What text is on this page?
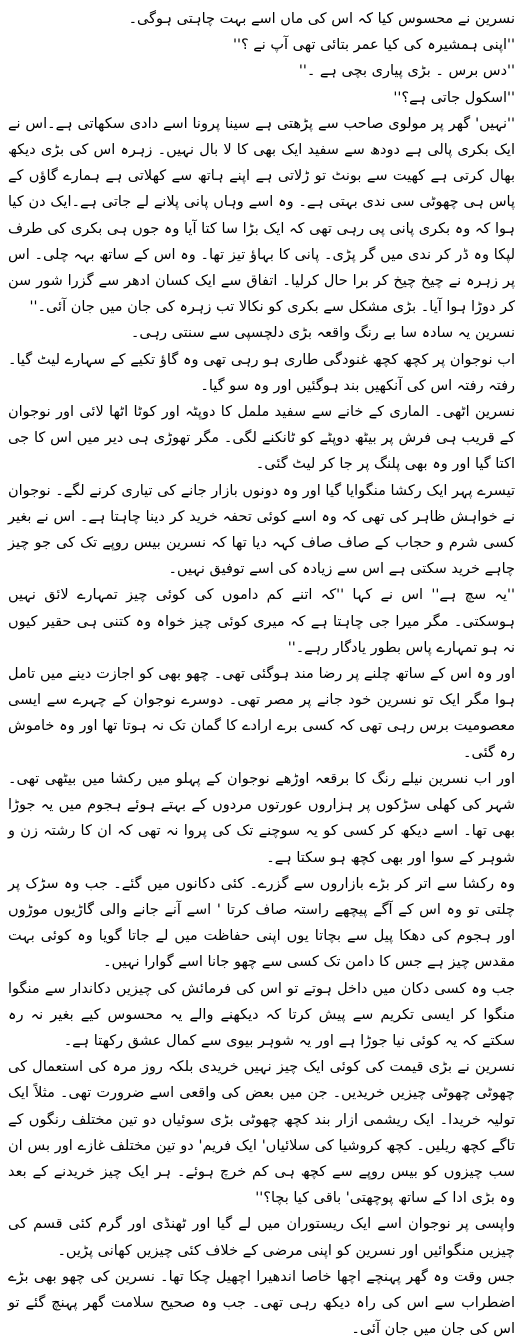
نسرین نے محسوس کیا کہ اس کی ماں اسے بہت چاہتی ہوگی۔

''اپنی ہمشیرہ کی کیا عمر بتائی تھی آپ نے ؟''

''دس برس ۔ بڑی پیاری بچی ہے ۔''

''اسکول جاتی ہے؟''

''نہیں' گھر پر مولوی صاحب سے پڑھتی ہے سینا پرونا اسے دادی سکھاتی ہے۔اس نے ایک بکری پالی ہے دودھ سے سفید ایک بھی کا لا بال نہیں۔ زہرہ اس کی بڑی دیکھ بھال کرتی ہے کھیت سے بونٹ تو ڑلاتی ہے اپنے ہاتھ سے کھلاتی ہے ہمارے گاؤں کے پاس ہی چھوٹی سی ندی بہتی ہے۔ وہ اسے وہاں پانی پلانے لے جاتی ہے۔ایک دن کیا ہوا کہ وہ بکری پانی پی رہی تھی کہ ایک بڑا سا کتا آیا وہ جوں ہی بکری کی طرف لپکا وہ ڈر کر ندی میں گر پڑی۔ پانی کا بہاؤ تیز تھا۔ وہ اس کے ساتھ بہہ چلی۔ اس پر زہرہ نے چیخ چیخ کر برا حال کرلیا۔ اتفاق سے ایک کسان ادھر سے گزرا شور سن کر دوڑا ہوا آیا۔ بڑی مشکل سے بکری کو نکالا تب زہرہ کی جان میں جان آئی۔''

نسرین یہ سادہ سا بے رنگ واقعہ بڑی دلچسپی سے سنتی رہی۔

اب نوجوان پر کچھ کچھ غنودگی طاری ہو رہی تھی وہ گاؤ تکیے کے سہارے لیٹ گیا۔ رفتہ رفتہ اس کی آنکھیں بند ہوگئیں اور وہ سو گیا۔

نسرین اٹھی۔ الماری کے خانے سے سفید ململ کا دوپٹہ اور کوٹا اٹھا لائی اور نوجوان کے قریب ہی فرش پر بیٹھ دوپٹے کو ٹانکنے لگی۔ مگر تھوڑی ہی دیر میں اس کا جی اکتا گیا اور وہ بھی پلنگ پر جا کر لیٹ گئی۔

تیسرے پہر ایک رکشا منگوایا گیا اور وہ دونوں بازار جانے کی تیاری کرنے لگے۔ نوجوان نے خواہش ظاہر کی تھی کہ وہ اسے کوئی تحفہ خرید کر دینا چاہتا ہے۔ اس نے بغیر کسی شرم و حجاب کے صاف صاف کہہ دیا تھا کہ نسرین بیس روپے تک کی جو چیز چاہے خرید سکتی ہے اس سے زیادہ کی اسے توفیق نہیں۔

''یہ سچ ہے'' اس نے کہا ''کہ اتنے کم داموں کی کوئی چیز تمہارے لائق نہیں ہوسکتی۔ مگر میرا جی چاہتا ہے کہ میری کوئی چیز خواہ وہ کتنی ہی حقیر کیوں نہ ہو تمہارے پاس بطور یادگار رہے۔''

اور وہ اس کے ساتھ چلنے پر رضا مند ہوگئی تھی۔ چھو بھی کو اجازت دینے میں تامل ہوا مگر ایک تو نسرین خود جانے پر مصر تھی۔ دوسرے نوجوان کے چہرے سے ایسی معصومیت برس رہی تھی کہ کسی برے ارادے کا گمان تک نہ ہوتا تھا اور وہ خاموش رہ گئی۔

اور اب نسرین نیلے رنگ کا برقعہ اوڑھے نوجوان کے پہلو میں رکشا میں بیٹھی تھی۔ شہر کی کھلی سڑکوں پر ہزاروں عورتوں مردوں کے بہتے ہوئے ہجوم میں یہ جوڑا بھی تھا۔ اسے دیکھ کر کسی کو یہ سوچنے تک کی پروا نہ تھی کہ ان کا رشتہ زن و شوہر کے سوا اور بھی کچھ ہو سکتا ہے۔

وہ رکشا سے اتر کر بڑے بازاروں سے گزرے۔ کئی دکانوں میں گئے۔ جب وہ سڑک پر چلتی تو وہ اس کے آگے پیچھے راستہ صاف کرتا ' اسے آنے جانے والی گاڑیوں موڑوں اور ہجوم کی دھکا پیل سے بچاتا یوں اپنی حفاظت میں لے جاتا گویا وہ کوئی بہت مقدس چیز ہے جس کا دامن تک کسی سے چھو جانا اسے گوارا نہیں۔

جب وہ کسی دکان میں داخل ہوتے تو اس کی فرمائش کی چیزیں دکاندار سے منگوا منگوا کر ایسی تکریم سے پیش کرتا کہ دیکھنے والے یہ محسوس کیے بغیر نہ رہ سکتے کہ یہ کوئی نیا جوڑا ہے اور یہ شوہر بیوی سے کمال عشق رکھتا ہے۔

نسرین نے بڑی قیمت کی کوئی ایک چیز نہیں خریدی بلکہ روز مرہ کی استعمال کی چھوٹی چھوٹی چیزیں خریدیں۔ جن میں بعض کی واقعی اسے ضرورت تھی۔ مثلاً ایک تولیہ خریدا۔ ایک ریشمی ازار بند کچھ چھوٹی بڑی سوئیاں دو تین مختلف رنگوں کے تاگے کچھ ریلیں۔ کچھ کروشیا کی سلائیاں' ایک فریم' دو تین مختلف غازے اور بس ان سب چیزوں کو بیس روپے سے کچھ ہی کم خرچ ہوئے۔ ہر ایک چیز خریدنے کے بعد وہ بڑی ادا کے ساتھ پوچھتی' باقی کیا بچا؟''

واپسی پر نوجوان اسے ایک ریستوران میں لے گیا اور ٹھنڈی اور گرم کئی قسم کی چیزیں منگوائیں اور نسرین کو اپنی مرضی کے خلاف کئی چیزیں کھانی پڑیں۔

جس وقت وہ گھر پہنچے اچھا خاصا اندھیرا اچھیل چکا تھا۔ نسرین کی چھو بھی بڑے اضطراب سے اس کی راہ دیکھ رہی تھی۔ جب وہ صحیح سلامت گھر پہنچ گئے تو اس کی جان میں جان آئی۔
